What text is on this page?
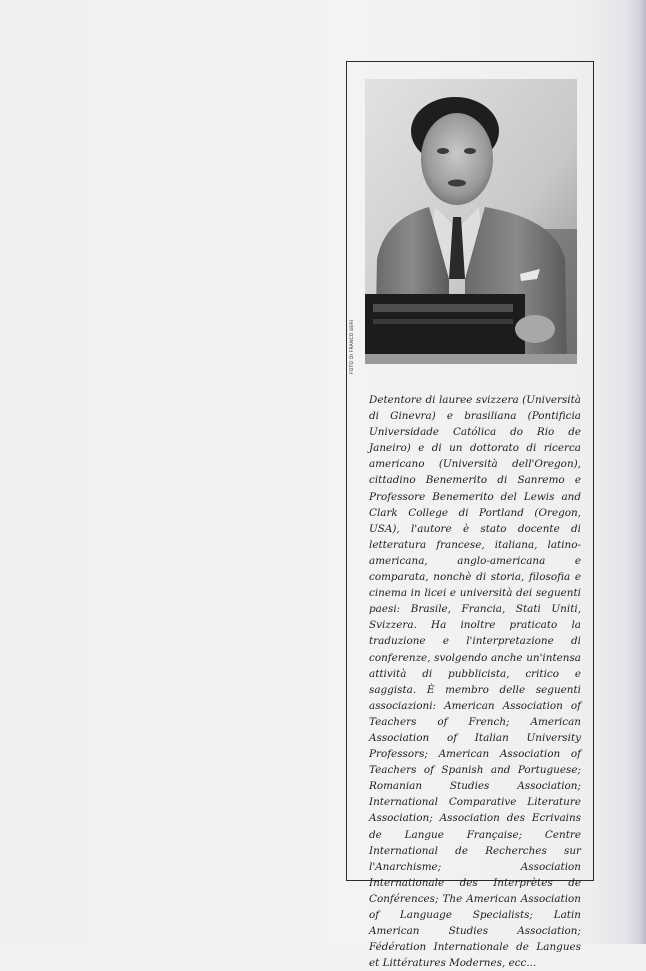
FOTO DI FRANCO SERI

Detentore di lauree svizzera (Università di Ginevra) e brasiliana (Pontificia Universidade Católica do Rio de Janeiro) e di un dottorato di ricerca americano (Università dell'Oregon), cittadino Benemerito di Sanremo e Professore Benemerito del Lewis and Clark College di Portland (Oregon, USA), l'autore è stato docente di letteratura francese, italiana, latino-americana, anglo-americana e comparata, nonchè di storia, filosofia e cinema in licei e università dei seguenti paesi: Brasile, Francia, Stati Uniti, Svizzera. Ha inoltre praticato la traduzione e l'interpretazione di conferenze, svolgendo anche un'intensa attività di pubblicista, critico e saggista. È membro delle seguenti associazioni: American Association of Teachers of French; American Association of Italian University Professors; American Association of Teachers of Spanish and Portuguese; Romanian Studies Association; International Comparative Literature Association; Association des Ecrivains de Langue Française; Centre International de Recherches sur l'Anarchisme; Association Internationale des Interprètes de Conférences; The American Association of Language Specialists; Latin American Studies Association; Fédération Internationale de Langues et Littératures Modernes, ecc...
